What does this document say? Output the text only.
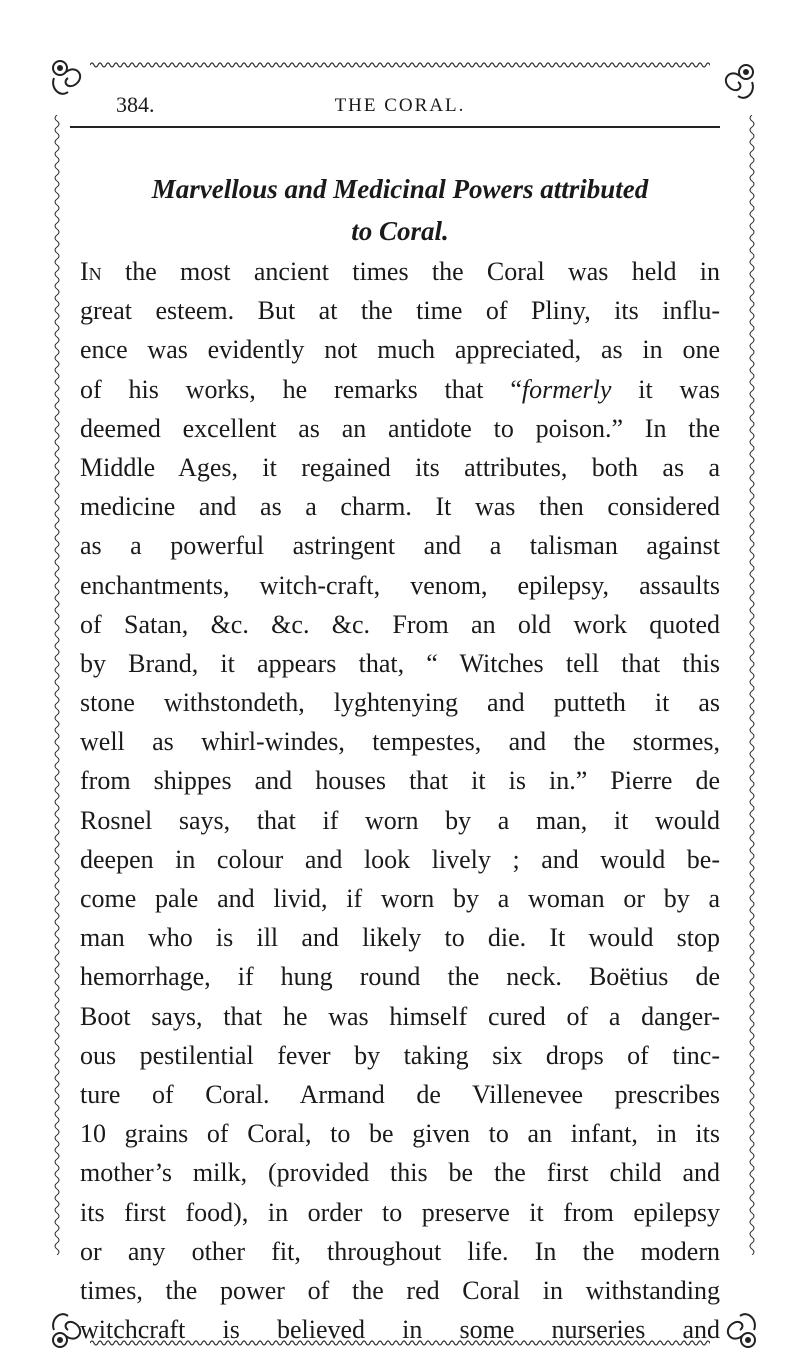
384.	THE CORAL.

Marvellous and Medicinal Powers attributed
to Coral.

In the most ancient times the Coral was held in
great esteem. But at the time of Pliny, its influ-
ence was evidently not much appreciated, as in one
of his works, he remarks that “formerly it was
deemed excellent as an antidote to poison.” In the
Middle Ages, it regained its attributes, both as a
medicine and as a charm. It was then considered
as a powerful astringent and a talisman against
enchantments, witch-craft, venom, epilepsy, assaults
of Satan, &c. &c. &c. From an old work quoted
by Brand, it appears that, “ Witches tell that this
stone withstondeth, lyghtenying and putteth it as
well as whirl-windes, tempestes, and the stormes,
from shippes and houses that it is in.” Pierre de
Rosnel says, that if worn by a man, it would
deepen in colour and look lively ; and would be-
come pale and livid, if worn by a woman or by a
man who is ill and likely to die. It would stop
hemorrhage, if hung round the neck. Boëtius de
Boot says, that he was himself cured of a danger-
ous pestilential fever by taking six drops of tinc-
ture of Coral. Armand de Villenevee prescribes
10 grains of Coral, to be given to an infant, in its
mother’s milk, (provided this be the first child and
its first food), in order to preserve it from epilepsy
or any other fit, throughout life. In the modern
times, the power of the red Coral in withstanding
witchcraft is believed in some nurseries and
